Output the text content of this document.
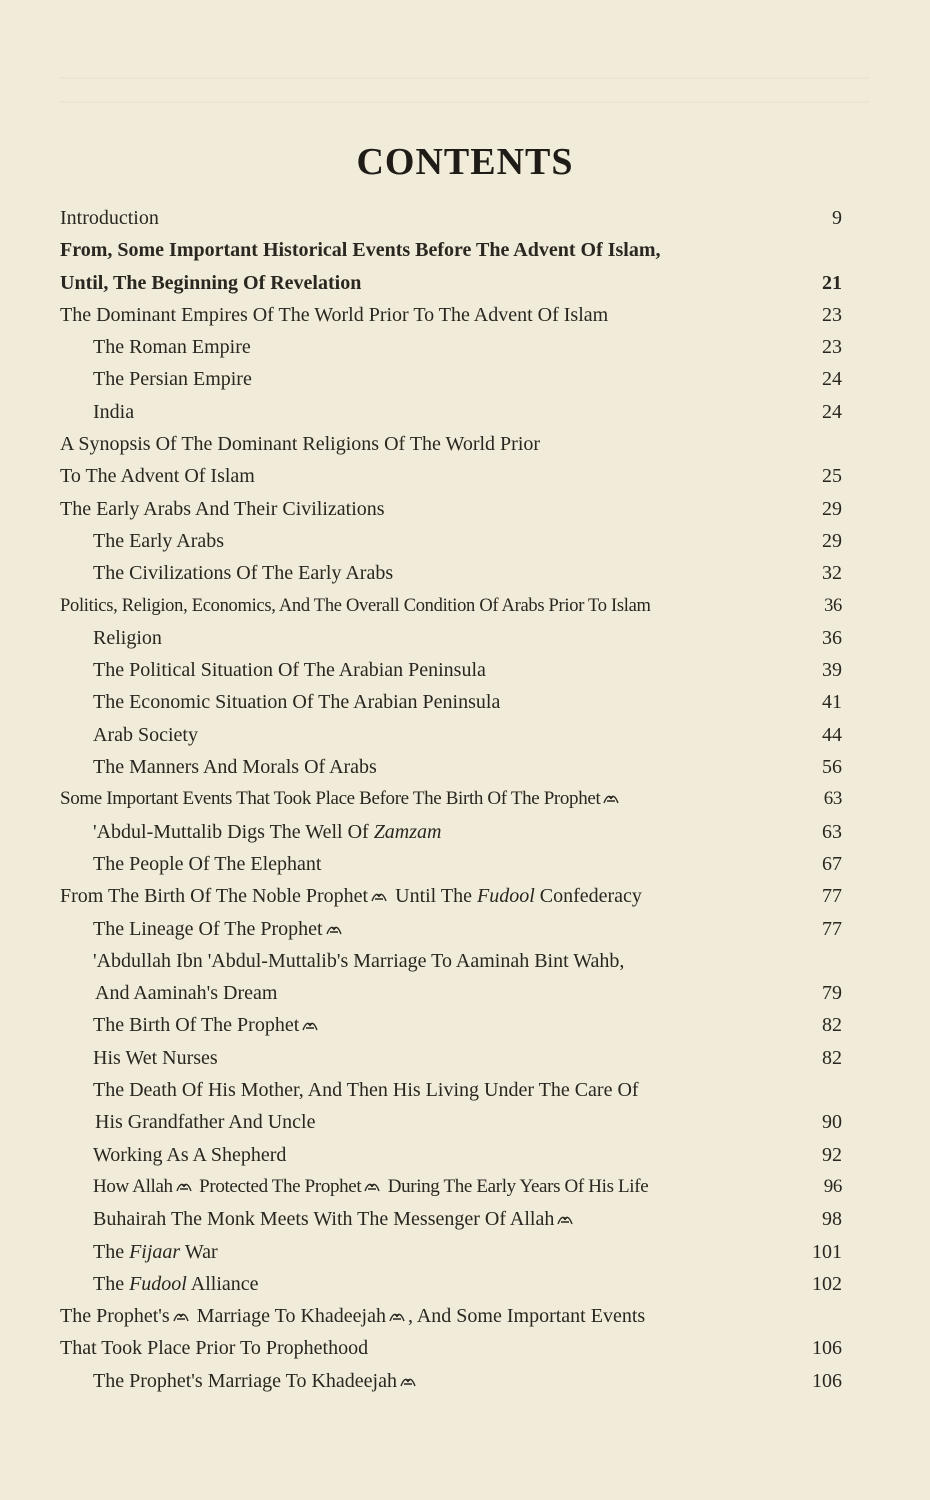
CONTENTS
Introduction	9
From, Some Important Historical Events Before The Advent Of Islam,
Until, The Beginning Of Revelation	21
The Dominant Empires Of The World Prior To The Advent Of Islam	23
The Roman Empire	23
The Persian Empire	24
India	24
A Synopsis Of The Dominant Religions Of The World Prior
To The Advent Of Islam	25
The Early Arabs And Their Civilizations	29
The Early Arabs	29
The Civilizations Of The Early Arabs	32
Politics, Religion, Economics, And The Overall Condition Of Arabs Prior To Islam	36
Religion	36
The Political Situation Of The Arabian Peninsula	39
The Economic Situation Of The Arabian Peninsula	41
Arab Society	44
The Manners And Morals Of Arabs	56
Some Important Events That Took Place Before The Birth Of The Prophet	63
'Abdul-Muttalib Digs The Well Of Zamzam	63
The People Of The Elephant	67
From The Birth Of The Noble Prophet
Until The Fudool Confederacy	77
The Lineage Of The Prophet	77
'Abdullah Ibn 'Abdul-Muttalib's Marriage To Aaminah Bint Wahb,
And Aaminah's Dream	79
The Birth Of The Prophet	82
His Wet Nurses	82
The Death Of His Mother, And Then His Living Under The Care Of
His Grandfather And Uncle	90
Working As A Shepherd	92
How Allah
Protected The Prophet
During The Early Years Of His Life	96
Buhairah The Monk Meets With The Messenger Of Allah	98
The Fijaar War	101
The Fudool Alliance	102
The Prophet's
Marriage To Khadeejah , And Some Important Events
That Took Place Prior To Prophethood	106
The Prophet's Marriage To Khadeejah	106
